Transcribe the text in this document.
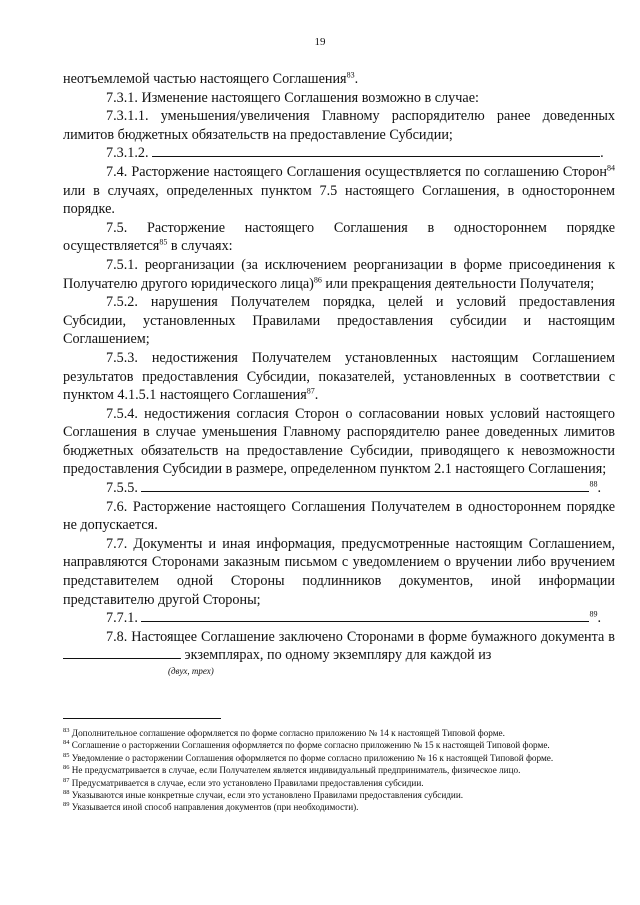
19

неотъемлемой частью настоящего Соглашения$^{83}$.

7.3.1. Изменение настоящего Соглашения возможно в случае:

7.3.1.1. уменьшения/увеличения Главному распорядителю ранее доведенных лимитов бюджетных обязательств на предоставление Субсидии;

7.3.1.2.	.

7.4. Расторжение настоящего Соглашения осуществляется по соглашению Сторон$^{84}$ или в случаях, определенных пунктом 7.5 настоящего Соглашения, в одностороннем порядке.

7.5. Расторжение настоящего Соглашения в одностороннем порядке осуществляется$^{85}$ в случаях:

7.5.1. реорганизации (за исключением реорганизации в форме присоединения к Получателю другого юридического лица)$^{86}$ или прекращения деятельности Получателя;

7.5.2. нарушения Получателем порядка, целей и условий предоставления Субсидии, установленных Правилами предоставления субсидии и настоящим Соглашением;

7.5.3. недостижения Получателем установленных настоящим Соглашением результатов предоставления Субсидии, показателей, установленных в соответствии с пунктом 4.1.5.1 настоящего Соглашения$^{87}$.

7.5.4. недостижения согласия Сторон о согласовании новых условий настоящего Соглашения в случае уменьшения Главному распорядителю ранее доведенных лимитов бюджетных обязательств на предоставление Субсидии, приводящего к невозможности предоставления Субсидии в размере, определенном пунктом 2.1 настоящего Соглашения;

7.5.5.	$^{88}$.

7.6. Расторжение настоящего Соглашения Получателем в одностороннем порядке не допускается.

7.7. Документы и иная информация, предусмотренные настоящим Соглашением, направляются Сторонами заказным письмом с уведомлением о вручении либо вручением представителем одной Стороны подлинников документов, иной информации представителю другой Стороны;

7.7.1.	$^{89}$.

7.8. Настоящее Соглашение заключено Сторонами в форме бумажного документа в  экземплярах, по одному экземпляру для каждой из

$^{(двух, трех)}$

$^{83}$ Дополнительное соглашение оформляется по форме согласно приложению № 14 к настоящей Типовой форме.

$^{84}$ Соглашение о расторжении Соглашения оформляется по форме согласно приложению № 15 к настоящей Типовой форме.

$^{85}$ Уведомление о расторжении Соглашения оформляется по форме согласно приложению № 16 к настоящей Типовой форме.

$^{86}$ Не предусматривается в случае, если Получателем является индивидуальный предприниматель, физическое лицо.

$^{87}$ Предусматривается в случае, если это установлено Правилами предоставления субсидии.

$^{88}$ Указываются иные конкретные случаи, если это установлено Правилами предоставления субсидии.

$^{89}$ Указывается иной способ направления документов (при необходимости).
